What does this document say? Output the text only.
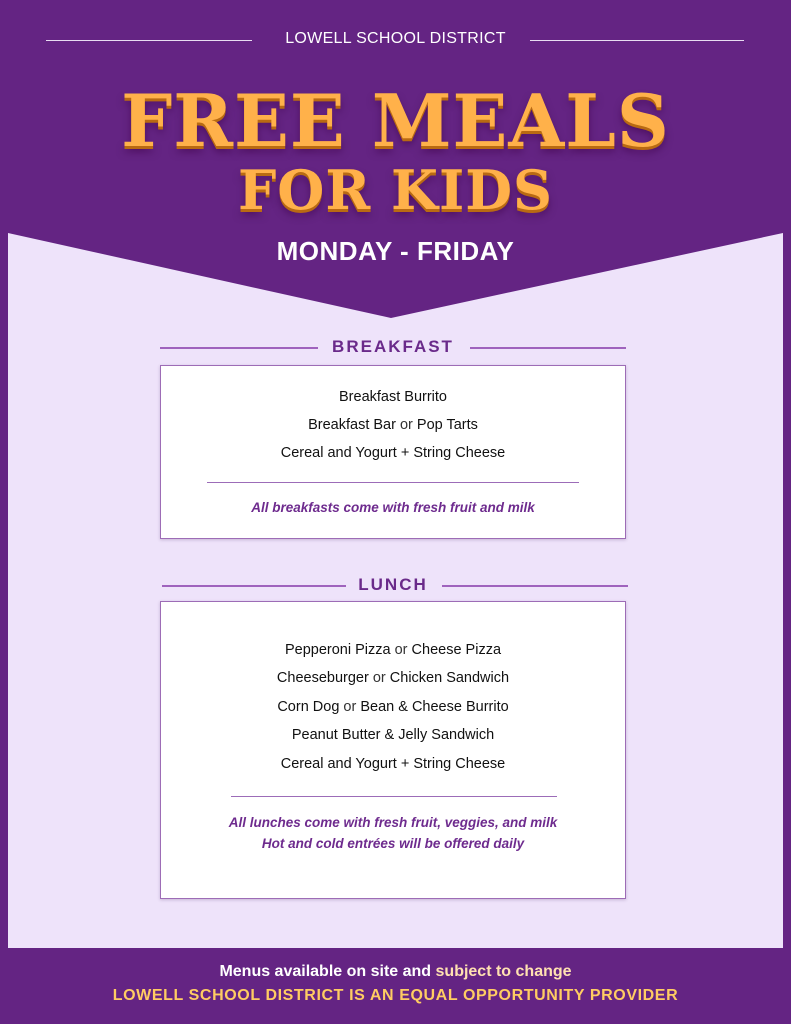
LOWELL SCHOOL DISTRICT
FREE MEALS
FOR KIDS
MONDAY - FRIDAY
BREAKFAST
Breakfast Burrito
Breakfast Bar or Pop Tarts
Cereal and Yogurt + String Cheese
All breakfasts come with fresh fruit and milk
LUNCH
Pepperoni Pizza or Cheese Pizza
Cheeseburger or Chicken Sandwich
Corn Dog or Bean & Cheese Burrito
Peanut Butter & Jelly Sandwich
Cereal and Yogurt + String Cheese
All lunches come with fresh fruit, veggies, and milk
Hot and cold entrées will be offered daily
Menus available on site and subject to change
LOWELL SCHOOL DISTRICT IS AN EQUAL OPPORTUNITY PROVIDER
